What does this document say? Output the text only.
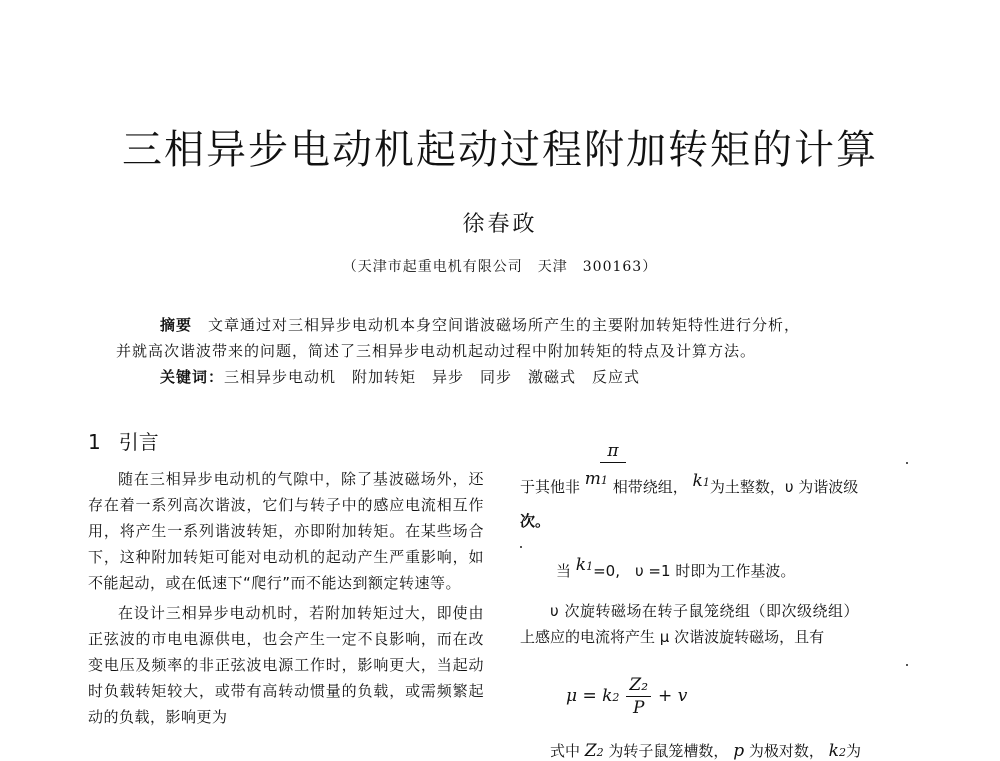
三相异步电动机起动过程附加转矩的计算
徐春政
（天津市起重电机有限公司　天津　300163）

摘要　 文章通过对三相异步电动机本身空间谐波磁场所产生的主要附加转矩特性进行分析，

并就高次谐波带来的问题，简述了三相异步电动机起动过程中附加转矩的特点及计算方法。

关键词：三相异步电动机　附加转矩　异步　同步　激磁式　反应式

1 引言

随在三相异步电动机的气隙中，除了基波磁场外，还存在着一系列高次谐波，它们与转子中的感应电流相互作用，将产生一系列谐波转矩，亦即附加转矩。在某些场合下，这种附加转矩可能对电动机的起动产生严重影响，如不能起动，或在低速下“爬行”而不能达到额定转速等。

在设计三相异步电动机时，若附加转矩过大，即使由正弦波的市电电源供电，也会产生一定不良影响，而在改变电压及频率的非正弦波电源工作时，影响更大，当起动时负载转矩较大，或带有高转动惯量的负载，或需频繁起动的负载，影响更为

π
于其他非 m1 相带绕组， k1为土整数，υ 为谐波级
次。
当 k1=0,　υ =1 时即为工作基波。
υ 次旋转磁场在转子鼠笼绕组（即次级绕组）
上感应的电流将产生 μ 次谐波旋转磁场，且有
$\mu = k2 \frac{\text{Z₂}}{P} + v$
式中 Z2 为转子鼠笼槽数， p 为极对数， k2为
